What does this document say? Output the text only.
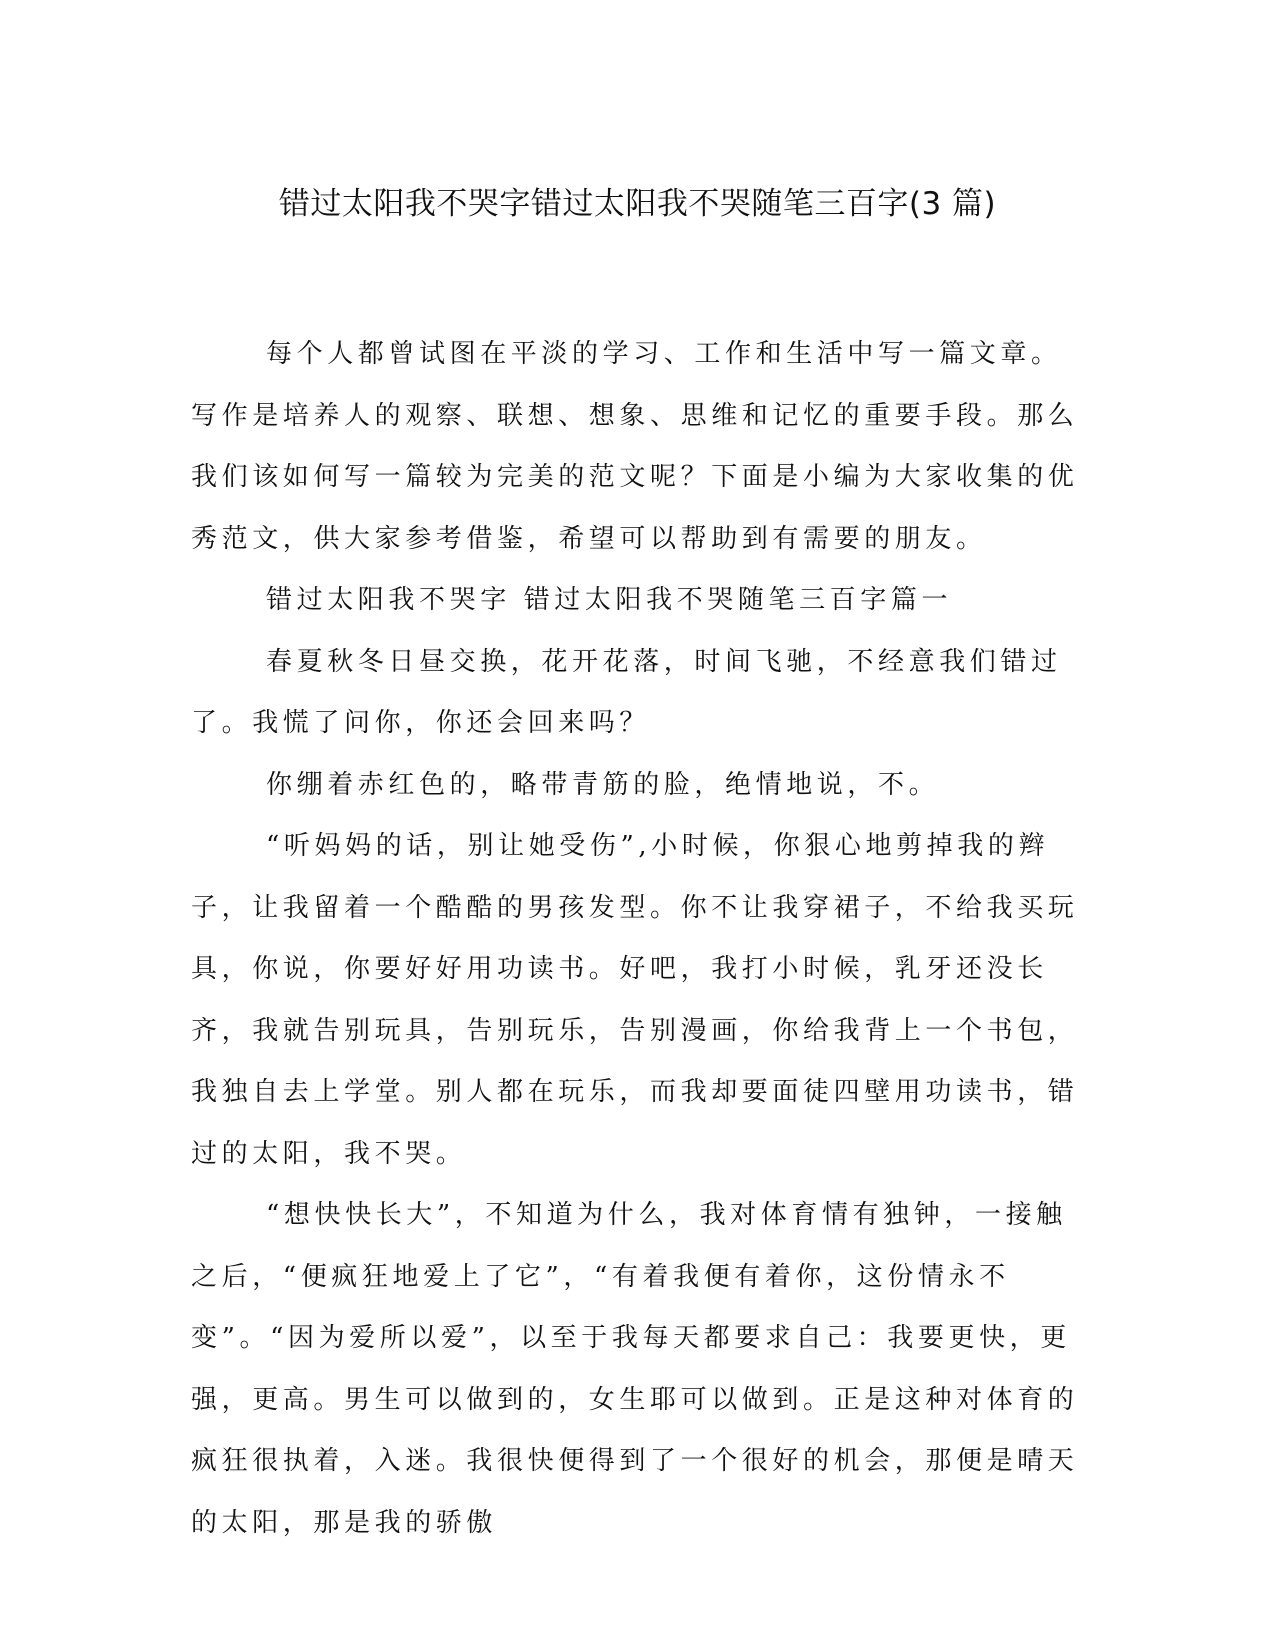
错过太阳我不哭字错过太阳我不哭随笔三百字(3 篇)

每个人都曾试图在平淡的学习、工作和生活中写一篇文章。写作是培养人的观察、联想、想象、思维和记忆的重要手段。那么我们该如何写一篇较为完美的范文呢？下面是小编为大家收集的优秀范文，供大家参考借鉴，希望可以帮助到有需要的朋友。

错过太阳我不哭字 错过太阳我不哭随笔三百字篇一

春夏秋冬日昼交换，花开花落，时间飞驰，不经意我们错过了。我慌了问你，你还会回来吗？

你绷着赤红色的，略带青筋的脸，绝情地说，不。

“听妈妈的话，别让她受伤”,小时候，你狠心地剪掉我的辫子，让我留着一个酷酷的男孩发型。你不让我穿裙子，不给我买玩具，你说，你要好好用功读书。好吧，我打小时候，乳牙还没长齐，我就告别玩具，告别玩乐，告别漫画，你给我背上一个书包，我独自去上学堂。别人都在玩乐，而我却要面徒四壁用功读书，错过的太阳，我不哭。

“想快快长大”，不知道为什么，我对体育情有独钟，一接触之后，“便疯狂地爱上了它”，“有着我便有着你，这份情永不变”。“因为爱所以爱”，以至于我每天都要求自己：我要更快，更强，更高。男生可以做到的，女生耶可以做到。正是这种对体育的疯狂很执着，入迷。我很快便得到了一个很好的机会，那便是晴天的太阳，那是我的骄傲
